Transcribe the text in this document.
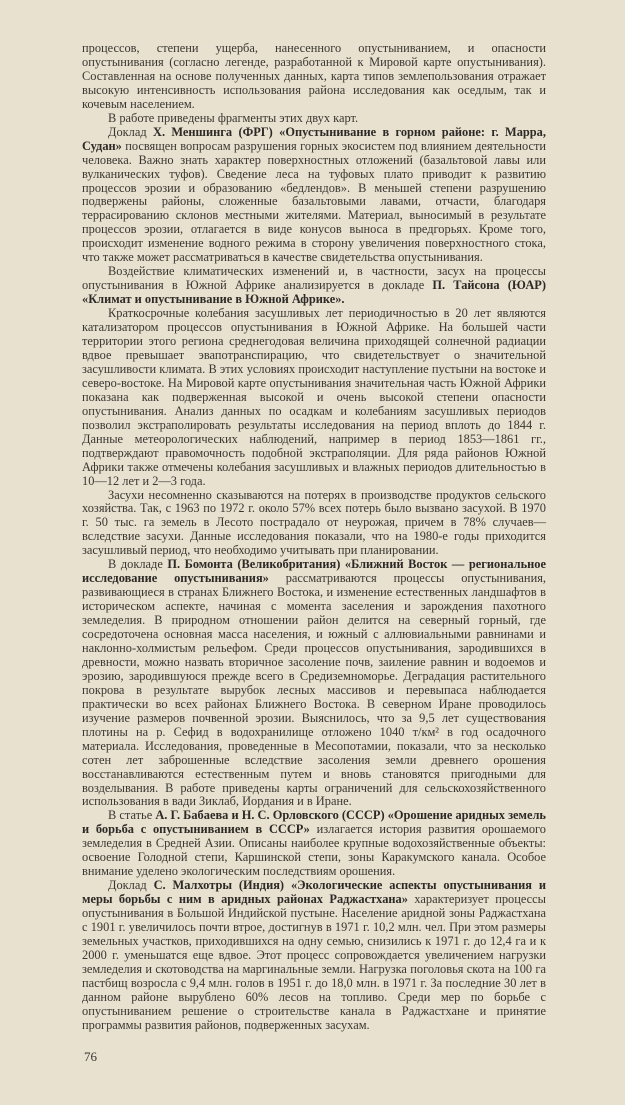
процессов, степени ущерба, нанесенного опустыниванием, и опасности опустынивания (согласно легенде, разработанной к Мировой карте опустынивания). Составленная на основе полученных данных, карта типов землепользования отражает высокую интенсивность использования района исследования как оседлым, так и кочевым населением.

В работе приведены фрагменты этих двух карт.

Доклад Х. Меншинга (ФРГ) «Опустынивание в горном районе: г. Марра, Судан» посвящен вопросам разрушения горных экосистем под влиянием деятельности человека. Важно знать характер поверхностных отложений (базальтовой лавы или вулканических туфов). Сведение леса на туфовых плато приводит к развитию процессов эрозии и образованию «бедлендов». В меньшей степени разрушению подвержены районы, сложенные базальтовыми лавами, отчасти, благодаря террасированию склонов местными жителями. Материал, выносимый в результате процессов эрозии, отлагается в виде конусов выноса в предгорьях. Кроме того, происходит изменение водного режима в сторону увеличения поверхностного стока, что также может рассматриваться в качестве свидетельства опустынивания.

Воздействие климатических изменений и, в частности, засух на процессы опустынивания в Южной Африке анализируется в докладе П. Тайсона (ЮАР) «Климат и опустынивание в Южной Африке».

Краткосрочные колебания засушливых лет периодичностью в 20 лет являются катализатором процессов опустынивания в Южной Африке. На большей части территории этого региона среднегодовая величина приходящей солнечной радиации вдвое превышает эвапотранспирацию, что свидетельствует о значительной засушливости климата. В этих условиях происходит наступление пустыни на востоке и северо-востоке. На Мировой карте опустынивания значительная часть Южной Африки показана как подверженная высокой и очень высокой степени опасности опустынивания. Анализ данных по осадкам и колебаниям засушливых периодов позволил экстраполировать результаты исследования на период вплоть до 1844 г. Данные метеорологических наблюдений, например в период 1853—1861 гг., подтверждают правомочность подобной экстраполяции. Для ряда районов Южной Африки также отмечены колебания засушливых и влажных периодов длительностью в 10—12 лет и 2—3 года.

Засухи несомненно сказываются на потерях в производстве продуктов сельского хозяйства. Так, с 1963 по 1972 г. около 57% всех потерь было вызвано засухой. В 1970 г. 50 тыс. га земель в Лесото пострадало от неурожая, причем в 78% случаев— вследствие засухи. Данные исследования показали, что на 1980-е годы приходится засушливый период, что необходимо учитывать при планировании.

В докладе П. Бомонта (Великобритания) «Ближний Восток — региональное исследование опустынивания» рассматриваются процессы опустынивания, развивающиеся в странах Ближнего Востока, и изменение естественных ландшафтов в историческом аспекте, начиная с момента заселения и зарождения пахотного земледелия. В природном отношении район делится на северный горный, где сосредоточена основная масса населения, и южный с аллювиальными равнинами и наклонно-холмистым рельефом. Среди процессов опустынивания, зародившихся в древности, можно назвать вторичное засоление почв, заиление равнин и водоемов и эрозию, зародившуюся прежде всего в Средиземноморье. Деградация растительного покрова в результате вырубок лесных массивов и перевыпаса наблюдается практически во всех районах Ближнего Востока. В северном Иране проводилось изучение размеров почвенной эрозии. Выяснилось, что за 9,5 лет существования плотины на р. Сефид в водохранилище отложено 1040 т/км² в год осадочного материала. Исследования, проведенные в Месопотамии, показали, что за несколько сотен лет заброшенные вследствие засоления земли древнего орошения восстанавливаются естественным путем и вновь становятся пригодными для возделывания. В работе приведены карты ограничений для сельскохозяйственного использования в вади Зиклаб, Иордания и в Иране.

В статье А. Г. Бабаева и Н. С. Орловского (СССР) «Орошение аридных земель и борьба с опустыниванием в СССР» излагается история развития орошаемого земледелия в Средней Азии. Описаны наиболее крупные водохозяйственные объекты: освоение Голодной степи, Каршинской степи, зоны Каракумского канала. Особое внимание уделено экологическим последствиям орошения.

Доклад С. Малхотры (Индия) «Экологические аспекты опустынивания и меры борьбы с ним в аридных районах Раджастхана» характеризует процессы опустынивания в Большой Индийской пустыне. Население аридной зоны Раджастхана с 1901 г. увеличилось почти втрое, достигнув в 1971 г. 10,2 млн. чел. При этом размеры земельных участков, приходившихся на одну семью, снизились к 1971 г. до 12,4 га и к 2000 г. уменьшатся еще вдвое. Этот процесс сопровождается увеличением нагрузки земледелия и скотоводства на маргинальные земли. Нагрузка поголовья скота на 100 га пастбищ возросла с 9,4 млн. голов в 1951 г. до 18,0 млн. в 1971 г. За последние 30 лет в данном районе вырублено 60% лесов на топливо. Среди мер по борьбе с опустыниванием решение о строительстве канала в Раджастхане и принятие программы развития районов, подверженных засухам.

76
